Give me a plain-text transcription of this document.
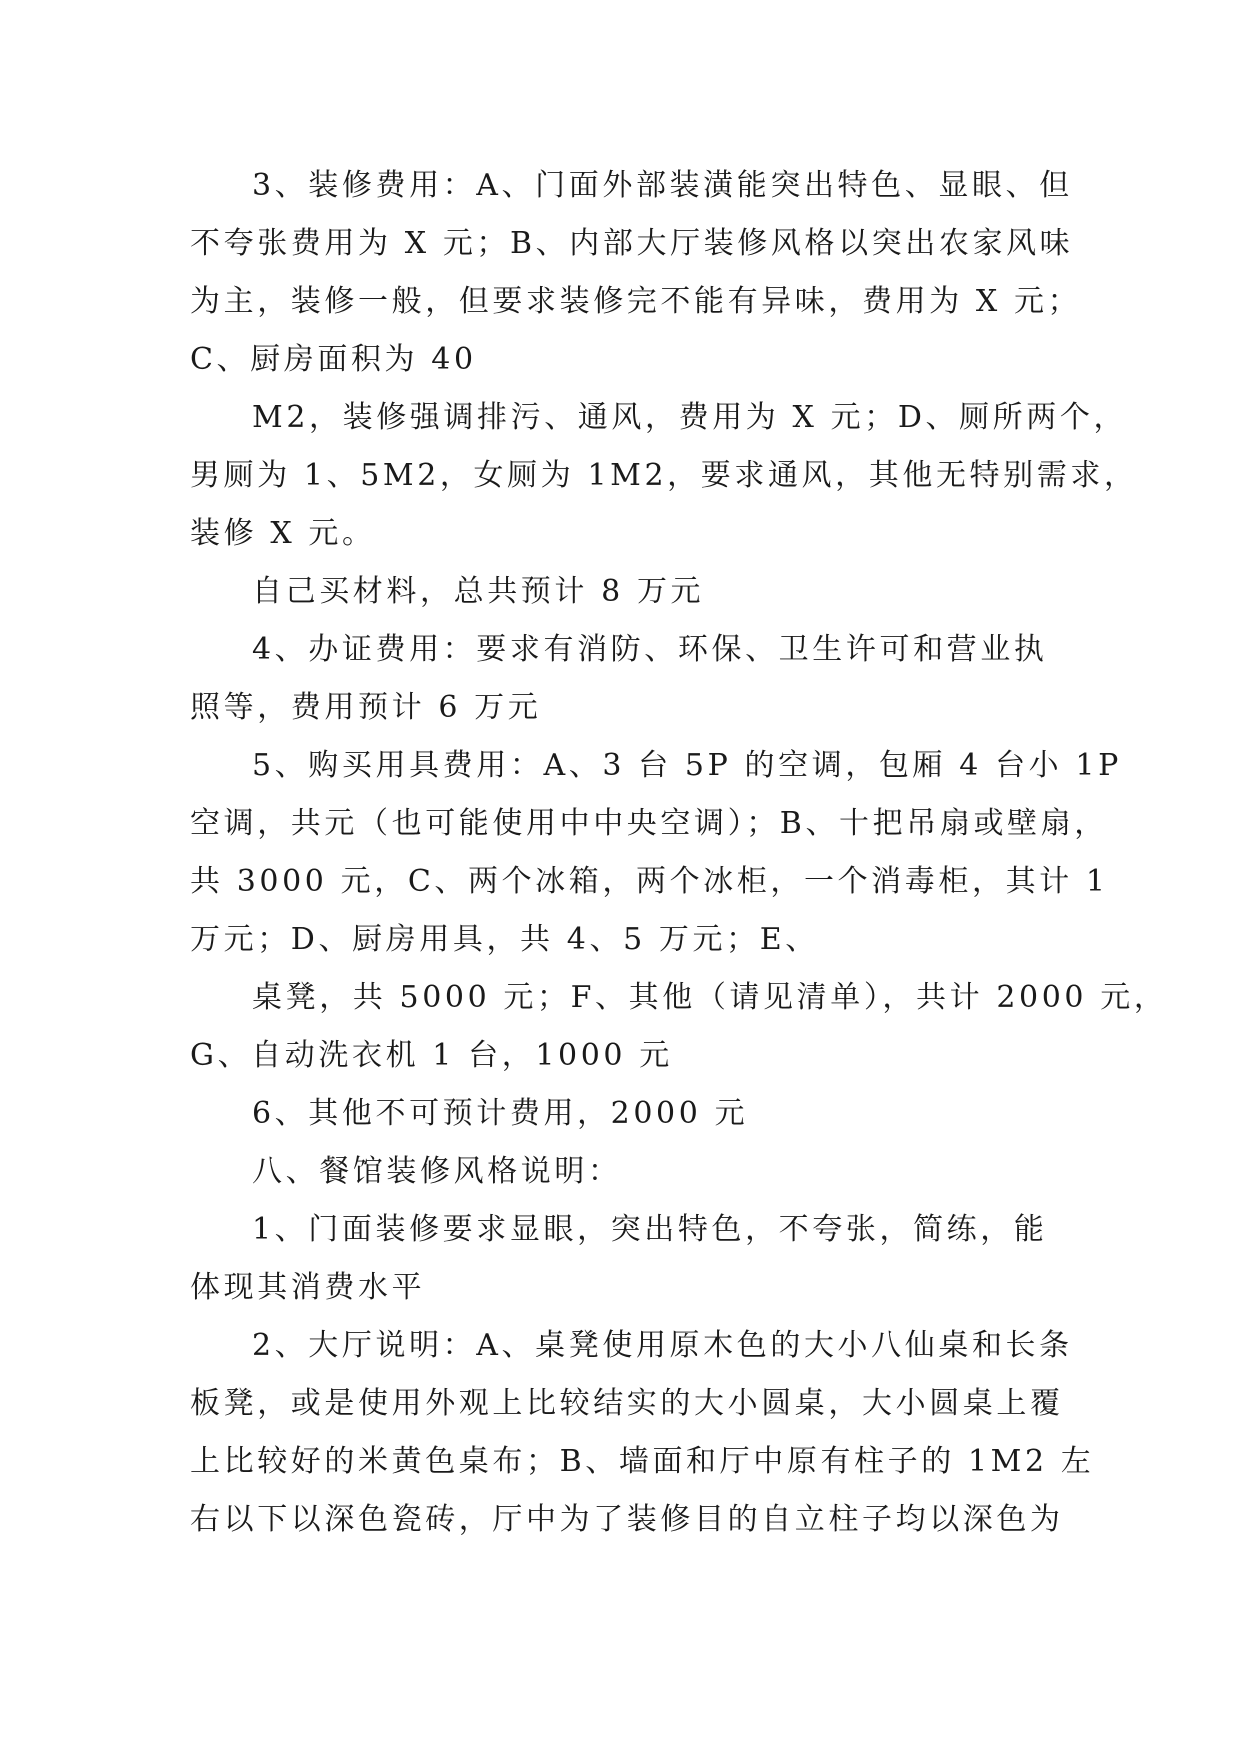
3、装修费用：A、门面外部装潢能突出特色、显眼、但
不夸张费用为 X 元；B、内部大厅装修风格以突出农家风味
为主，装修一般，但要求装修完不能有异味，费用为 X 元；
C、厨房面积为 40
M2，装修强调排污、通风，费用为 X 元；D、厕所两个，
男厕为 1、5M2，女厕为 1M2，要求通风，其他无特别需求，
装修 X 元。
自己买材料，总共预计 8 万元
4、办证费用：要求有消防、环保、卫生许可和营业执
照等，费用预计 6 万元
5、购买用具费用：A、3 台 5P 的空调，包厢 4 台小 1P
空调，共元（也可能使用中中央空调）；B、十把吊扇或壁扇，
共 3000 元，C、两个冰箱，两个冰柜，一个消毒柜，其计 1
万元；D、厨房用具，共 4、5 万元；E、
桌凳，共 5000 元；F、其他（请见清单），共计 2000 元，
G、自动洗衣机 1 台，1000 元
6、其他不可预计费用，2000 元
八、餐馆装修风格说明：
1、门面装修要求显眼，突出特色，不夸张，简练，能
体现其消费水平
2、大厅说明：A、桌凳使用原木色的大小八仙桌和长条
板凳，或是使用外观上比较结实的大小圆桌，大小圆桌上覆
上比较好的米黄色桌布；B、墙面和厅中原有柱子的 1M2 左
右以下以深色瓷砖，厅中为了装修目的自立柱子均以深色为
